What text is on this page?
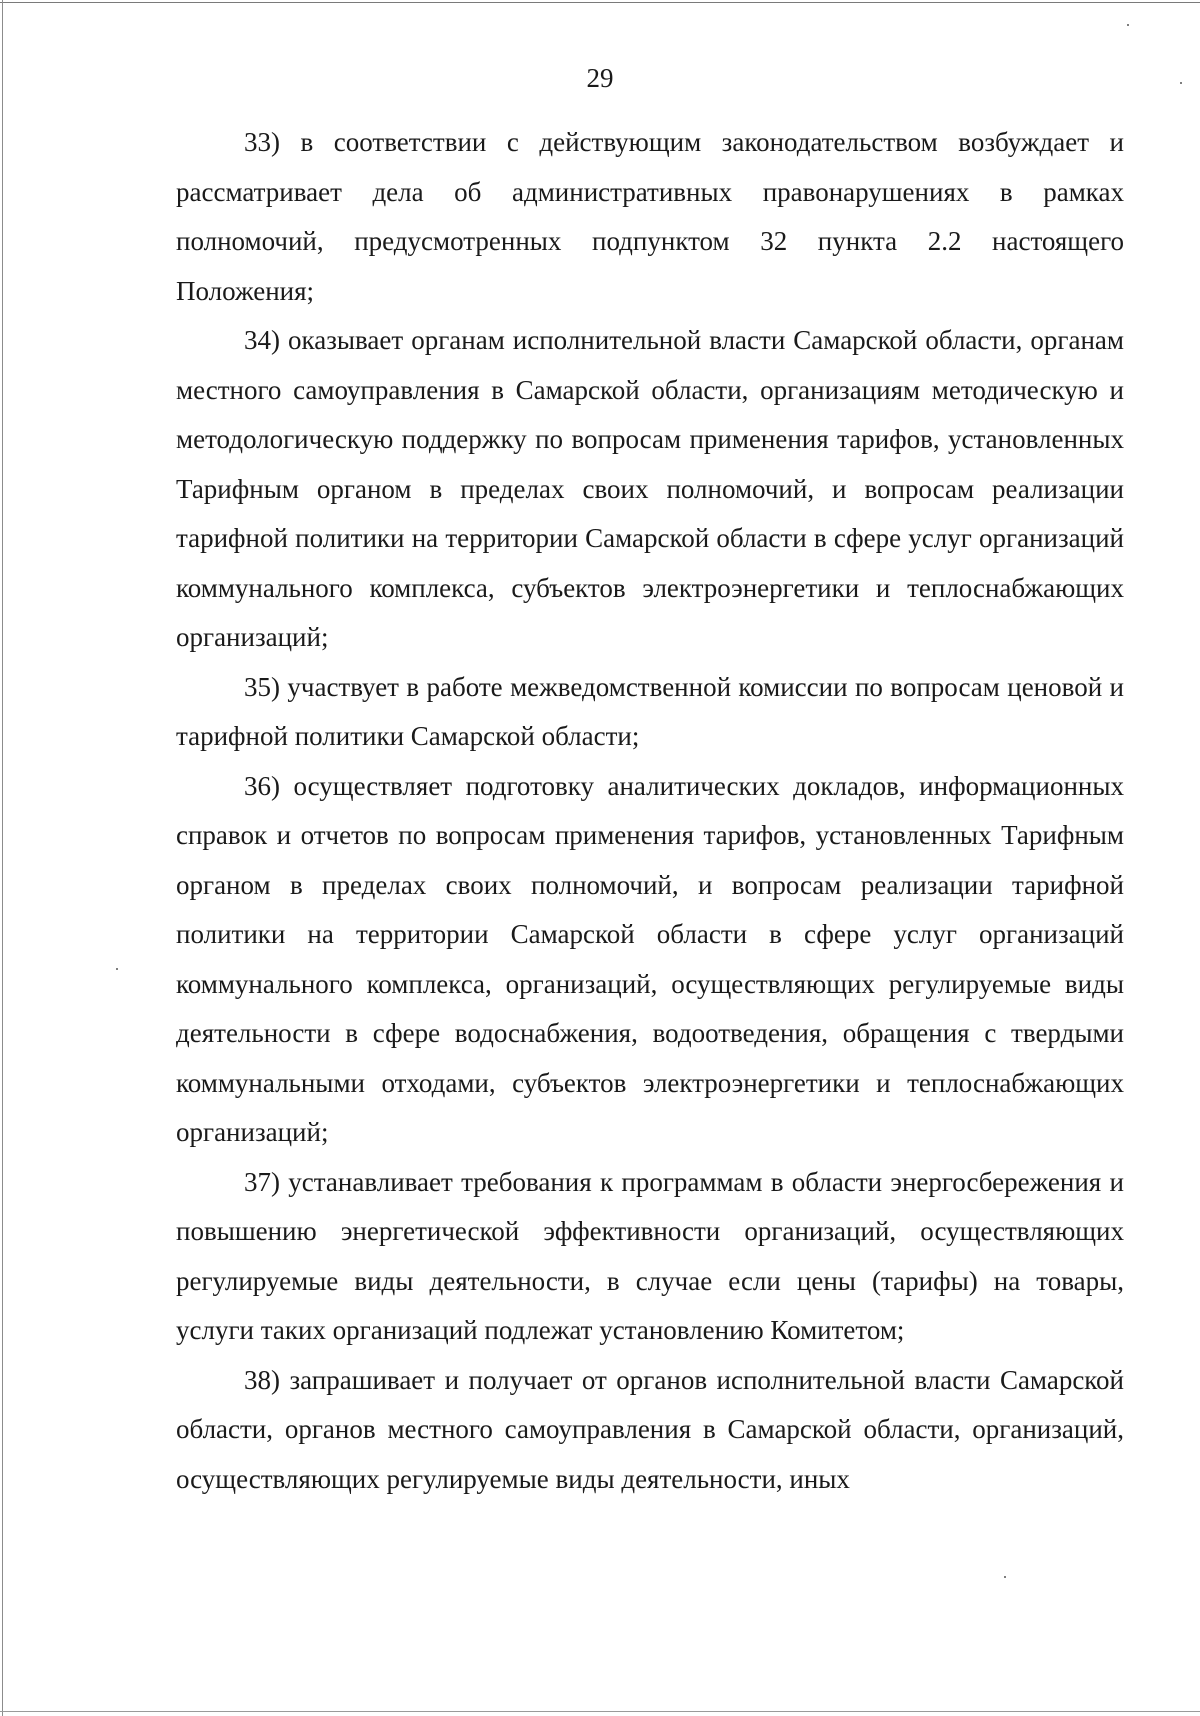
29

33) в соответствии с действующим законодательством возбуждает и рассматривает дела об административных правонарушениях в рамках полномочий, предусмотренных подпунктом 32 пункта 2.2 настоящего Положения;

34) оказывает органам исполнительной власти Самарской области, органам местного самоуправления в Самарской области, организациям методическую и методологическую поддержку по вопросам применения тарифов, установленных Тарифным органом в пределах своих полномочий, и вопросам реализации тарифной политики на территории Самарской области в сфере услуг организаций коммунального комплекса, субъектов электроэнергетики и теплоснабжающих организаций;

35) участвует в работе межведомственной комиссии по вопросам ценовой и тарифной политики Самарской области;

36) осуществляет подготовку аналитических докладов, информационных справок и отчетов по вопросам применения тарифов, установленных Тарифным органом в пределах своих полномочий, и вопросам реализации тарифной политики на территории Самарской области в сфере услуг организаций коммунального комплекса, организаций, осуществляющих регулируемые виды деятельности в сфере водоснабжения, водоотведения, обращения с твердыми коммунальными отходами, субъектов электроэнергетики и теплоснабжающих организаций;

37) устанавливает требования к программам в области энергосбережения и повышению энергетической эффективности организаций, осуществляющих регулируемые виды деятельности, в случае если цены (тарифы) на товары, услуги таких организаций подлежат установлению Комитетом;

38) запрашивает и получает от органов исполнительной власти Самарской области, органов местного самоуправления в Самарской области, организаций, осуществляющих регулируемые виды деятельности, иных
